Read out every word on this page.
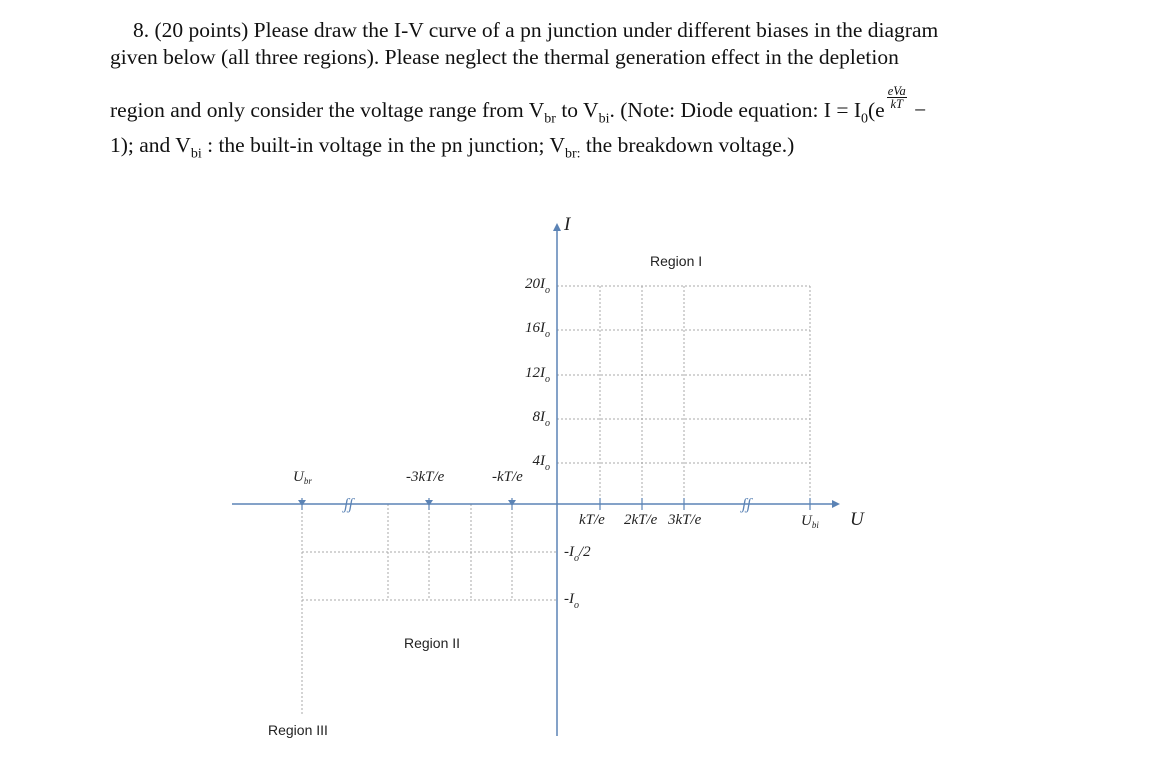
8. (20 points) Please draw the I-V curve of a pn junction under different biases in the diagram
given below (all three regions). Please neglect the thermal generation effect in the depletion
region and only consider the voltage range from $V_{br}$ to $V_{bi}$. (Note: Diode equation: $I = I_0(e \frac{\text{eVa}}{kT}$ −
1); and $V_{bi}$ : the built-in voltage in the pn junction; $V_{br:}$ the breakdown voltage.)
ʃʃ	ʃʃ
I
U
$20I_o$
$16I_o$
$12I_o$
$8I_o$
$4I_o$
$-I_o/2$
$-I_o$
kT/e 2kT/e 3kT/e
-3kT/e	-kT/e
$U_{br}$
$U_{bi}$
Region I
Region II
Region III
